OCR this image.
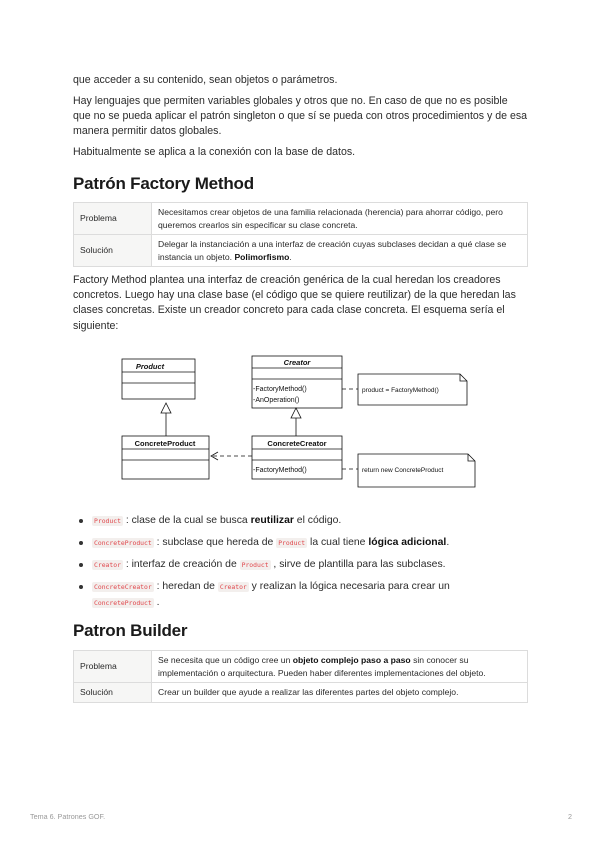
que acceder a su contenido, sean objetos o parámetros.
Hay lenguajes que permiten variables globales y otros que no. En caso de que no es posible que no se pueda aplicar el patrón singleton o que sí se pueda con otros procedimientos y de esa manera permitir datos globales.
Habitualmente se aplica a la conexión con la base de datos.
Patrón Factory Method
Problema	Necesitamos crear objetos de una familia relacionada (herencia) para ahorrar código, pero queremos crearlos sin especificar su clase concreta.
Solución	Delegar la instanciación a una interfaz de creación cuyas subclases decidan a qué clase se instancia un objeto. Polimorfismo.
Factory Method plantea una interfaz de creación genérica de la cual heredan los creadores concretos. Luego hay una clase base (el código que se quiere reutilizar) de la que heredan las clases concretas. Existe un creador concreto para cada clase concreta. El esquema sería el siguiente:
Product	Creator
-FactoryMethod()
-AnOperation()
ConcreteProduct	ConcreteCreator
-FactoryMethod()
product = FactoryMethod()
return new ConcreteProduct
Product : clase de la cual se busca reutilizar el código.
ConcreteProduct : subclase que hereda de Product la cual tiene lógica adicional.
Creator : interfaz de creación de Product , sirve de plantilla para las subclases.
ConcreteCreator : heredan de Creator y realizan la lógica necesaria para crear un
ConcreteProduct .
Patron Builder
Problema	Se necesita que un código cree un objeto complejo paso a paso sin conocer su implementación o arquitectura. Pueden haber diferentes implementaciones del objeto.
Solución	Crear un builder que ayude a realizar las diferentes partes del objeto complejo.
Tema 6. Patrones GOF.	2
